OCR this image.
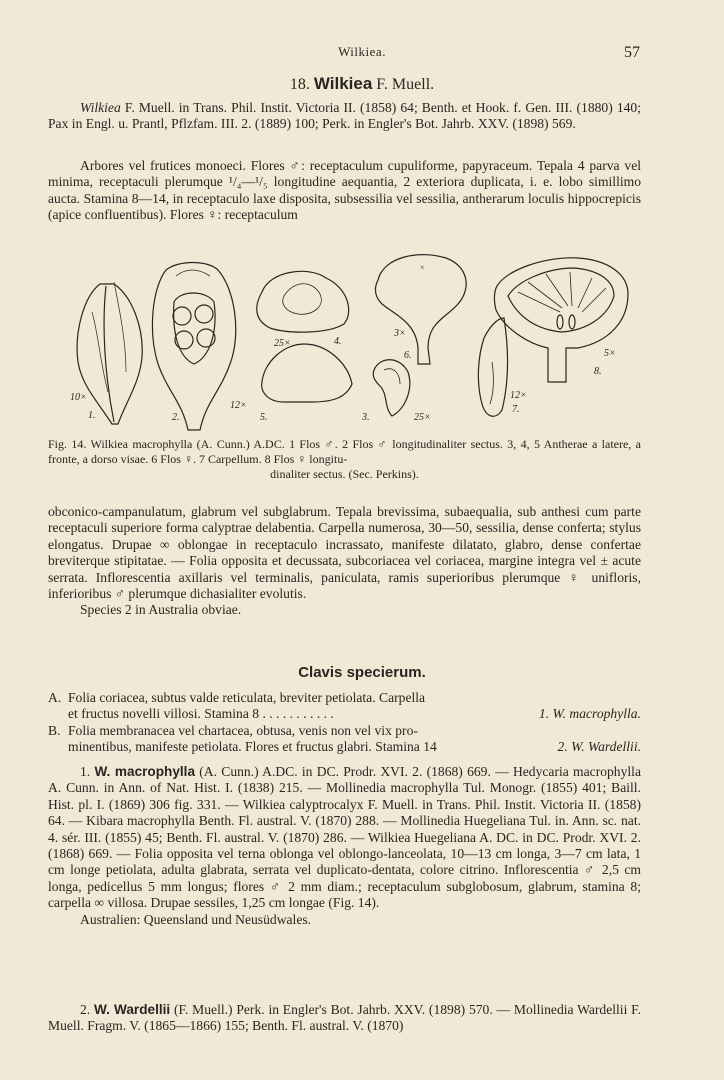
Wilkiea.	57
18. Wilkiea F. Muell.

Wilkiea F. Muell. in Trans. Phil. Instit. Victoria II. (1858) 64; Benth. et Hook. f. Gen. III. (1880) 140; Pax in Engl. u. Prantl, Pflzfam. III. 2. (1889) 100; Perk. in Engler's Bot. Jahrb. XXV. (1898) 569.

Arbores vel frutices monoeci. Flores ♂: receptaculum cupuliforme, papyraceum. Tepala 4 parva vel minima, receptaculi plerumque ¹/₄—¹/₅ longitudine aequantia, 2 exteriora duplicata, i. e. lobo simillimo aucta. Stamina 8—14, in receptaculo laxe disposita, subsessilia vel sessilia, antherarum loculis hippocrepicis (apice confluentibus). Flores ♀: receptaculum

×
10×
1.	2.
12×
25×	4.
3×
6.
5.	3.	25×
12×
7.
5×
8.
Fig. 14. Wilkiea macrophylla (A. Cunn.) A.DC. 1 Flos ♂. 2 Flos ♂ longitudinaliter sectus. 3, 4, 5 Antherae a latere, a fronte, a dorso visae. 6 Flos ♀. 7 Carpellum. 8 Flos ♀ longitu-
dinaliter sectus. (Sec. Perkins).

obconico-campanulatum, glabrum vel subglabrum. Tepala brevissima, subaequalia, sub anthesi cum parte receptaculi superiore forma calyptrae delabentia. Carpella numerosa, 30—50, sessilia, dense conferta; stylus elongatus. Drupae ∞ oblongae in receptaculo incrassato, manifeste dilatato, glabro, dense confertae breviterque stipitatae. — Folia opposita et decussata, subcoriacea vel coriacea, margine integra vel ± acute serrata. Inflorescentia axillaris vel terminalis, paniculata, ramis superioribus plerumque ♀ unifloris, inferioribus ♂ plerumque dichasialiter evolutis.

Species 2 in Australia obviae.

Clavis specierum.
A. Folia coriacea, subtus valde reticulata, breviter petiolata. Carpella
et fructus novelli villosi. Stamina 8 . . . . . . . . . . .	1. W. macrophylla.
B. Folia membranacea vel chartacea, obtusa, venis non vel vix pro-
minentibus, manifeste petiolata. Flores et fructus glabri. Stamina 14	2. W. Wardellii.

1. W. macrophylla (A. Cunn.) A.DC. in DC. Prodr. XVI. 2. (1868) 669. — Hedycaria macrophylla A. Cunn. in Ann. of Nat. Hist. I. (1838) 215. — Mollinedia macrophylla Tul. Monogr. (1855) 401; Baill. Hist. pl. I. (1869) 306 fig. 331. — Wilkiea calyptrocalyx F. Muell. in Trans. Phil. Instit. Victoria II. (1858) 64. — Kibara macrophylla Benth. Fl. austral. V. (1870) 288. — Mollinedia Huegeliana Tul. in. Ann. sc. nat. 4. sér. III. (1855) 45; Benth. Fl. austral. V. (1870) 286. — Wilkiea Huegeliana A. DC. in DC. Prodr. XVI. 2. (1868) 669. — Folia opposita vel terna oblonga vel oblongo-lanceolata, 10—13 cm longa, 3—7 cm lata, 1 cm longe petiolata, adulta glabrata, serrata vel duplicato-dentata, colore citrino. Inflorescentia ♂ 2,5 cm longa, pedicellus 5 mm longus; flores ♂ 2 mm diam.; receptaculum subglobosum, glabrum, stamina 8; carpella ∞ villosa. Drupae sessiles, 1,25 cm longae (Fig. 14).

Australien: Queensland und Neusüdwales.

2. W. Wardellii (F. Muell.) Perk. in Engler's Bot. Jahrb. XXV. (1898) 570. — Mollinedia Wardellii F. Muell. Fragm. V. (1865—1866) 155; Benth. Fl. austral. V. (1870)
